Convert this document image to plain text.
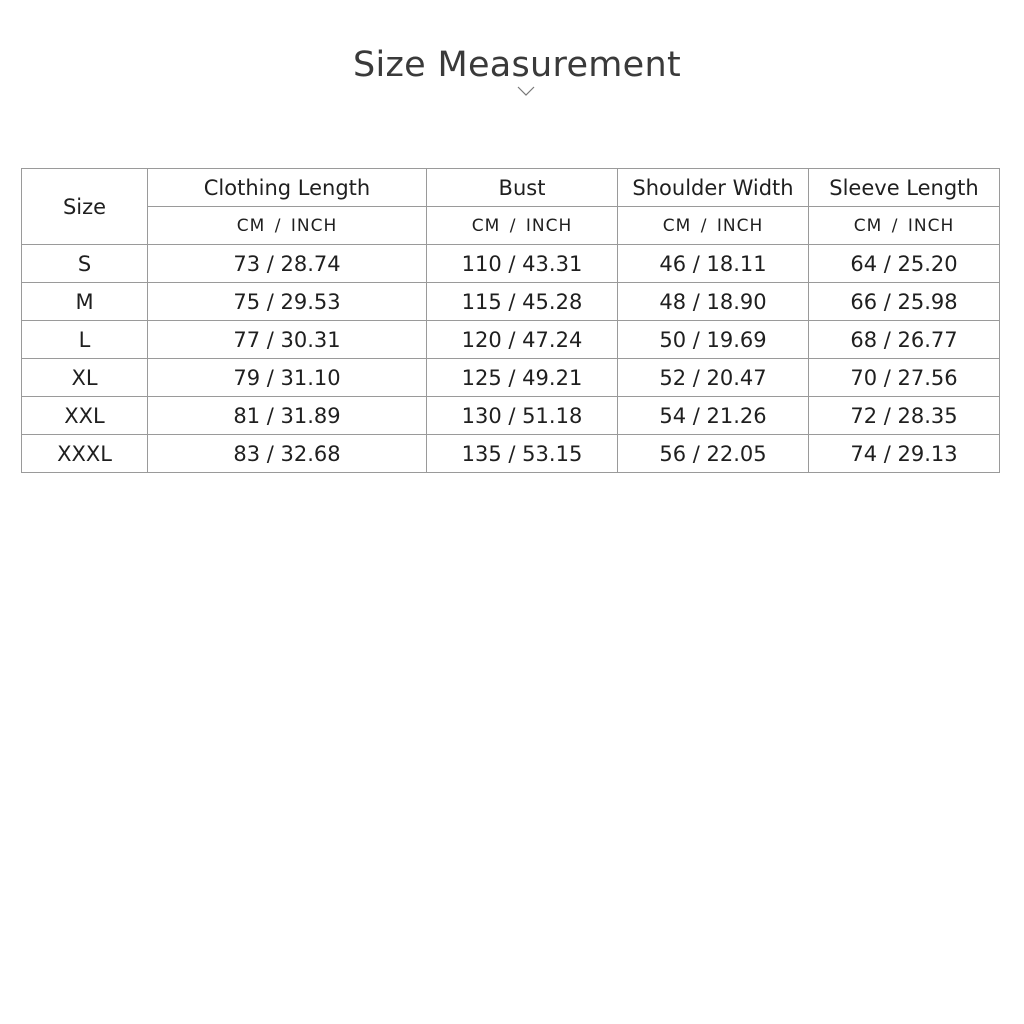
Size Measurement
Size	Clothing Length	Bust	Shoulder Width	Sleeve Length
	CM / INCH	CM / INCH	CM / INCH	CM / INCH
S	73 / 28.74	110 / 43.31	46 / 18.11	64 / 25.20
M	75 / 29.53	115 / 45.28	48 / 18.90	66 / 25.98
L	77 / 30.31	120 / 47.24	50 / 19.69	68 / 26.77
XL	79 / 31.10	125 / 49.21	52 / 20.47	70 / 27.56
XXL	81 / 31.89	130 / 51.18	54 / 21.26	72 / 28.35
XXXL	83 / 32.68	135 / 53.15	56 / 22.05	74 / 29.13
